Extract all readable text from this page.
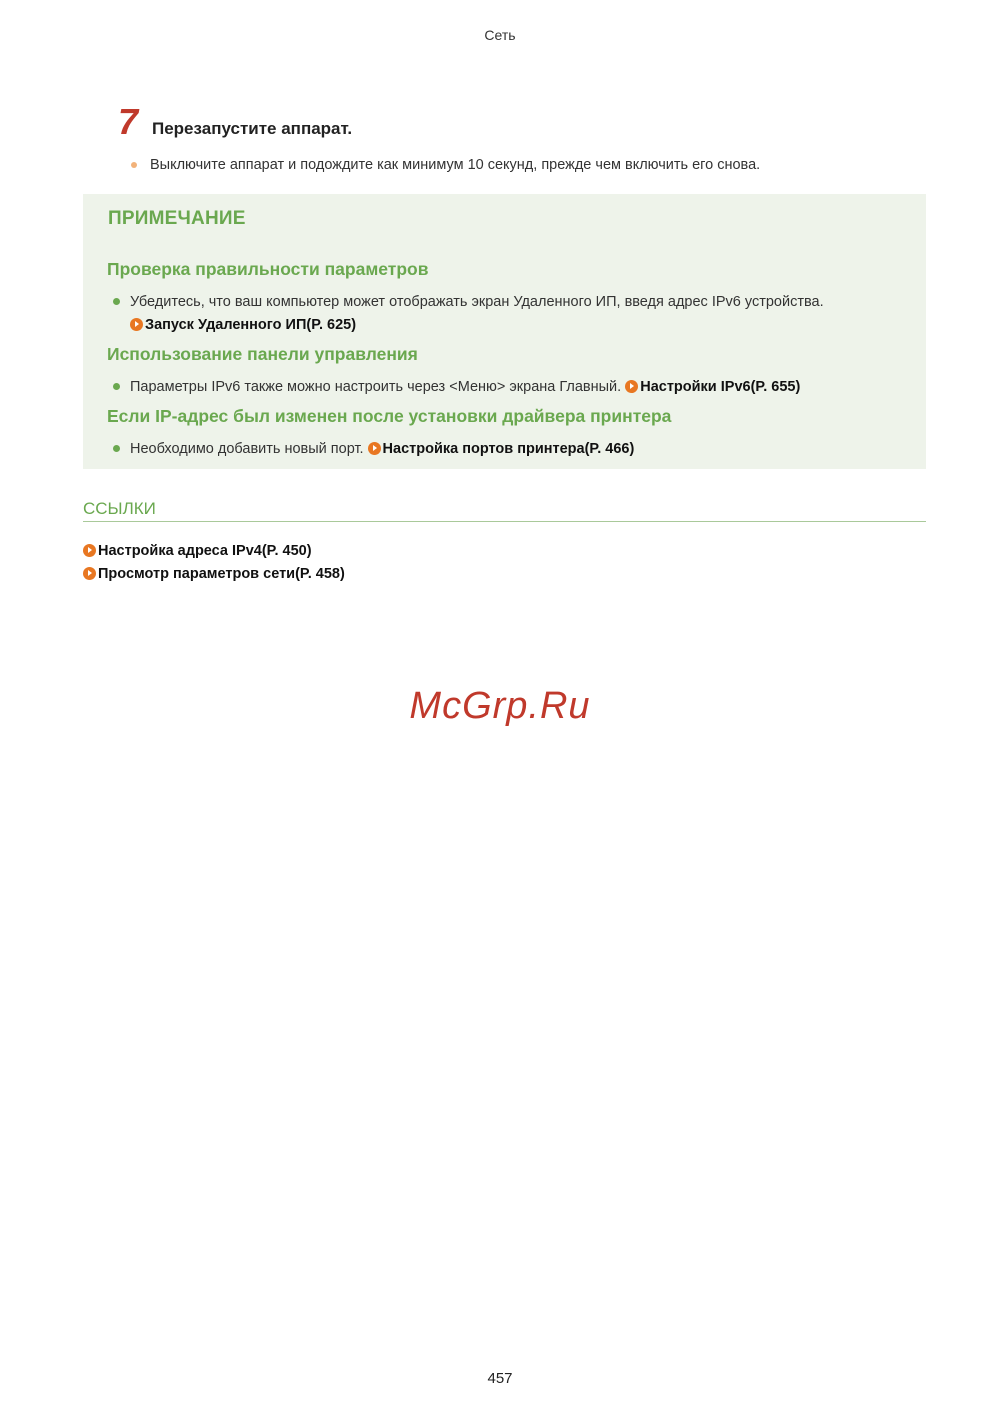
Сеть
7 Перезапустите аппарат.
Выключите аппарат и подождите как минимум 10 секунд, прежде чем включить его снова.
ПРИМЕЧАНИЕ
Проверка правильности параметров
Убедитесь, что ваш компьютер может отображать экран Удаленного ИП, введя адрес IPv6 устройства.
Запуск Удаленного ИП(P. 625)
Использование панели управления
Параметры IPv6 также можно настроить через <Меню> экрана Главный. Настройки IPv6(P. 655)
Если IP-адрес был изменен после установки драйвера принтера
Необходимо добавить новый порт. Настройка портов принтера(P. 466)
ССЫЛКИ
Настройка адреса IPv4(P. 450)
Просмотр параметров сети(P. 458)
McGrp.Ru
457
